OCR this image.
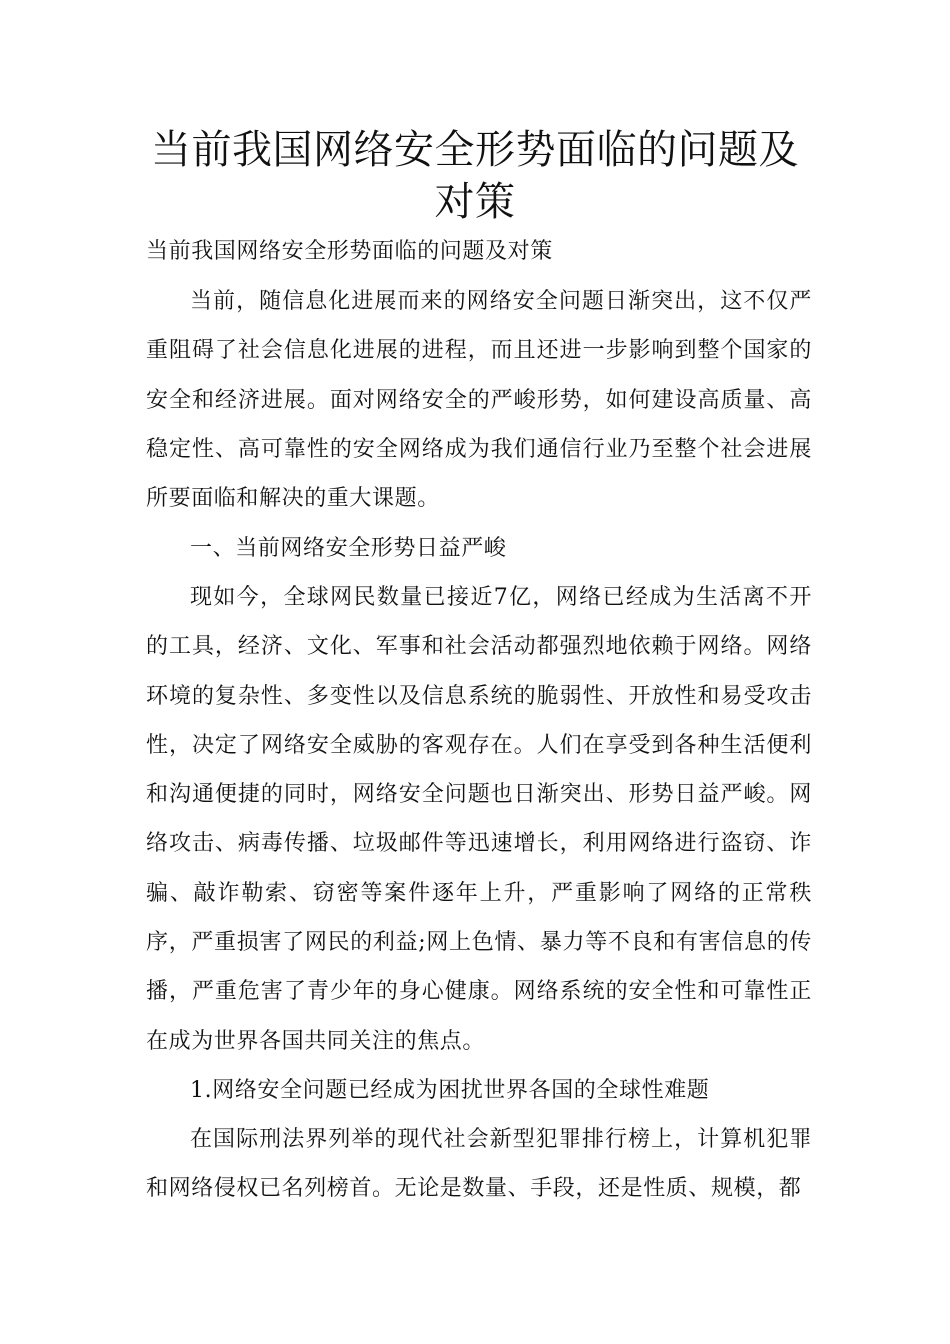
当前我国网络安全形势面临的问题及对策

当前我国网络安全形势面临的问题及对策

当前，随信息化进展而来的网络安全问题日渐突出，这不仅严重阻碍了社会信息化进展的进程，而且还进一步影响到整个国家的安全和经济进展。面对网络安全的严峻形势，如何建设高质量、高稳定性、高可靠性的安全网络成为我们通信行业乃至整个社会进展所要面临和解决的重大课题。

一、当前网络安全形势日益严峻

现如今，全球网民数量已接近7亿，网络已经成为生活离不开的工具，经济、文化、军事和社会活动都强烈地依赖于网络。网络环境的复杂性、多变性以及信息系统的脆弱性、开放性和易受攻击性，决定了网络安全威胁的客观存在。人们在享受到各种生活便利和沟通便捷的同时，网络安全问题也日渐突出、形势日益严峻。网络攻击、病毒传播、垃圾邮件等迅速增长，利用网络进行盗窃、诈骗、敲诈勒索、窃密等案件逐年上升，严重影响了网络的正常秩序，严重损害了网民的利益;网上色情、暴力等不良和有害信息的传播，严重危害了青少年的身心健康。网络系统的安全性和可靠性正在成为世界各国共同关注的焦点。

1.网络安全问题已经成为困扰世界各国的全球性难题

在国际刑法界列举的现代社会新型犯罪排行榜上，计算机犯罪和网络侵权已名列榜首。无论是数量、手段，还是性质、规模，都
